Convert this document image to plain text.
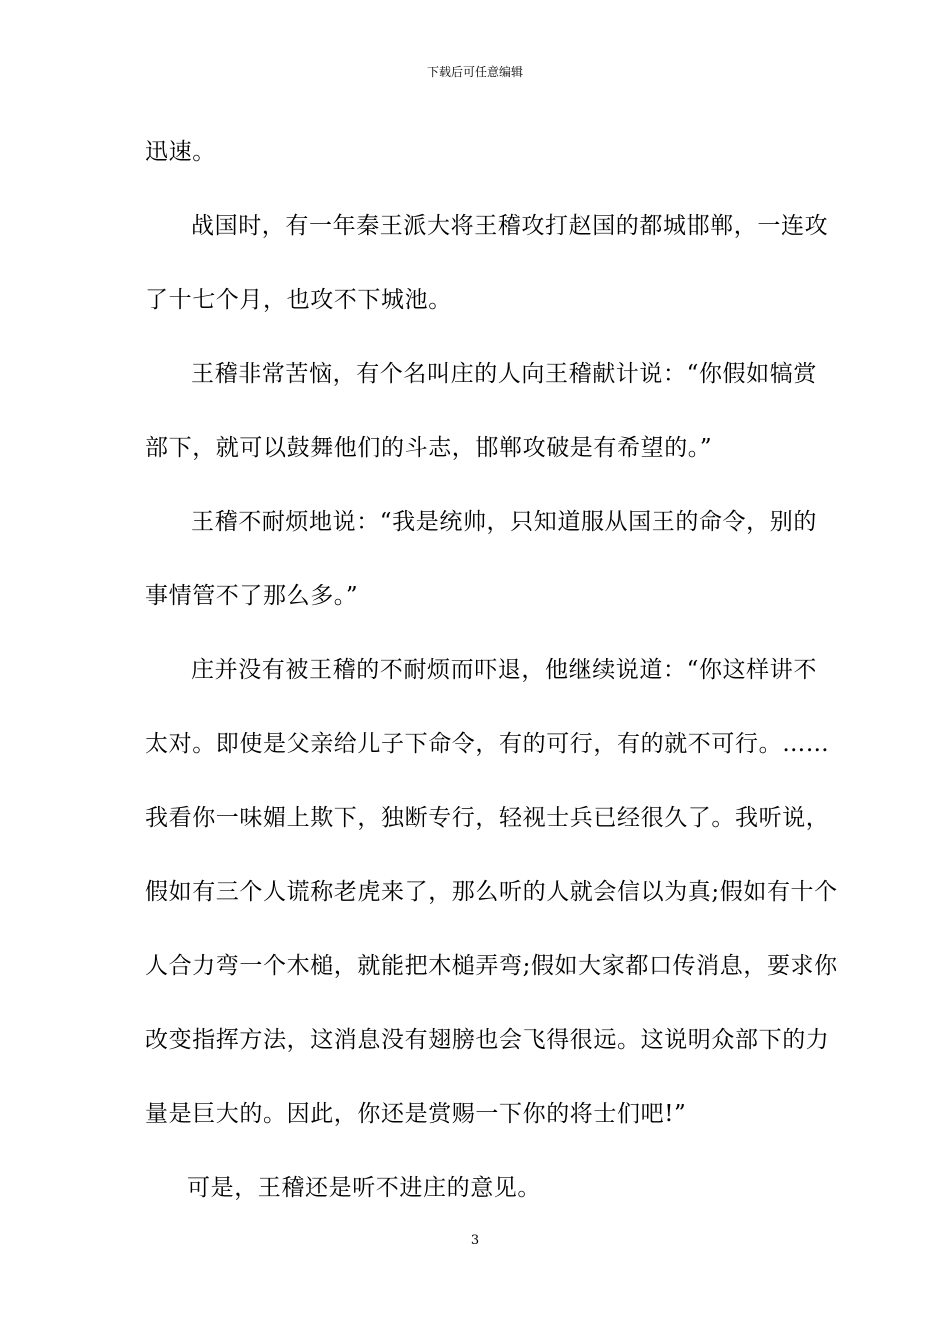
下载后可任意编辑
迅速。
战国时，有一年秦王派大将王稽攻打赵国的都城邯郸，一连攻
了十七个月，也攻不下城池。
王稽非常苦恼，有个名叫庄的人向王稽献计说：“你假如犒赏
部下，就可以鼓舞他们的斗志，邯郸攻破是有希望的。”
王稽不耐烦地说：“我是统帅，只知道服从国王的命令，别的
事情管不了那么多。”
庄并没有被王稽的不耐烦而吓退，他继续说道：“你这样讲不
太对。即使是父亲给儿子下命令，有的可行，有的就不可行。……
我看你一味媚上欺下，独断专行，轻视士兵已经很久了。我听说，
假如有三个人谎称老虎来了，那么听的人就会信以为真;假如有十个
人合力弯一个木槌，就能把木槌弄弯;假如大家都口传消息，要求你
改变指挥方法，这消息没有翅膀也会飞得很远。这说明众部下的力
量是巨大的。因此，你还是赏赐一下你的将士们吧!”
可是，王稽还是听不进庄的意见。
3
